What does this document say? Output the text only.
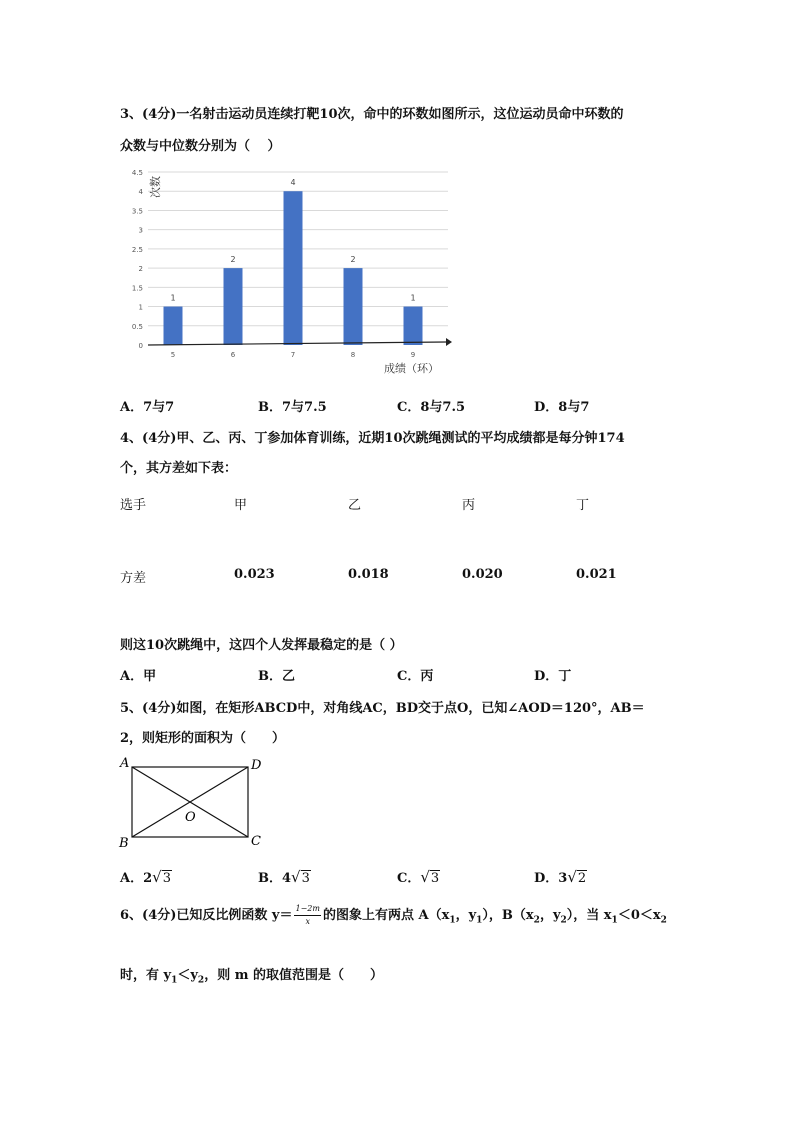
3、(4分)一名射击运动员连续打靶10次，命中的环数如图所示，这位运动员命中环数的
众数与中位数分别为（　 ）
0
0.5
1
1.5
2
2.5
3
3.5
4
4.5
1
2
4
2
1
5	6	7	8	9
次数
成绩（环）
A．7与7	B．7与7.5	C．8与7.5	D．8与7
4、(4分)甲、乙、丙、丁参加体育训练，近期10次跳绳测试的平均成绩都是每分钟174
个，其方差如下表：
选手	甲	乙	丙	丁
方差	0.023	0.018	0.020	0.021
则这10次跳绳中，这四个人发挥最稳定的是（ ）
A．甲	B．乙	C．丙	D．丁
5、(4分)如图，在矩形ABCD中，对角线AC，BD交于点O，已知∠AOD＝120°，AB＝
2，则矩形的面积为（　　）
A	D
B	C
O
A．2√3	B．4√3	C．√3	D．3√2
6、(4分)已知反比例函数 $y= \frac{1-2m}{x}$ 的图象上有两点 $A(x_1$，$y_1$），$B(x_2$，$y_2$），当 $x_1<0<x_2$
时，有 $y_1<y_2$，则 m 的取值范围是（　　）
